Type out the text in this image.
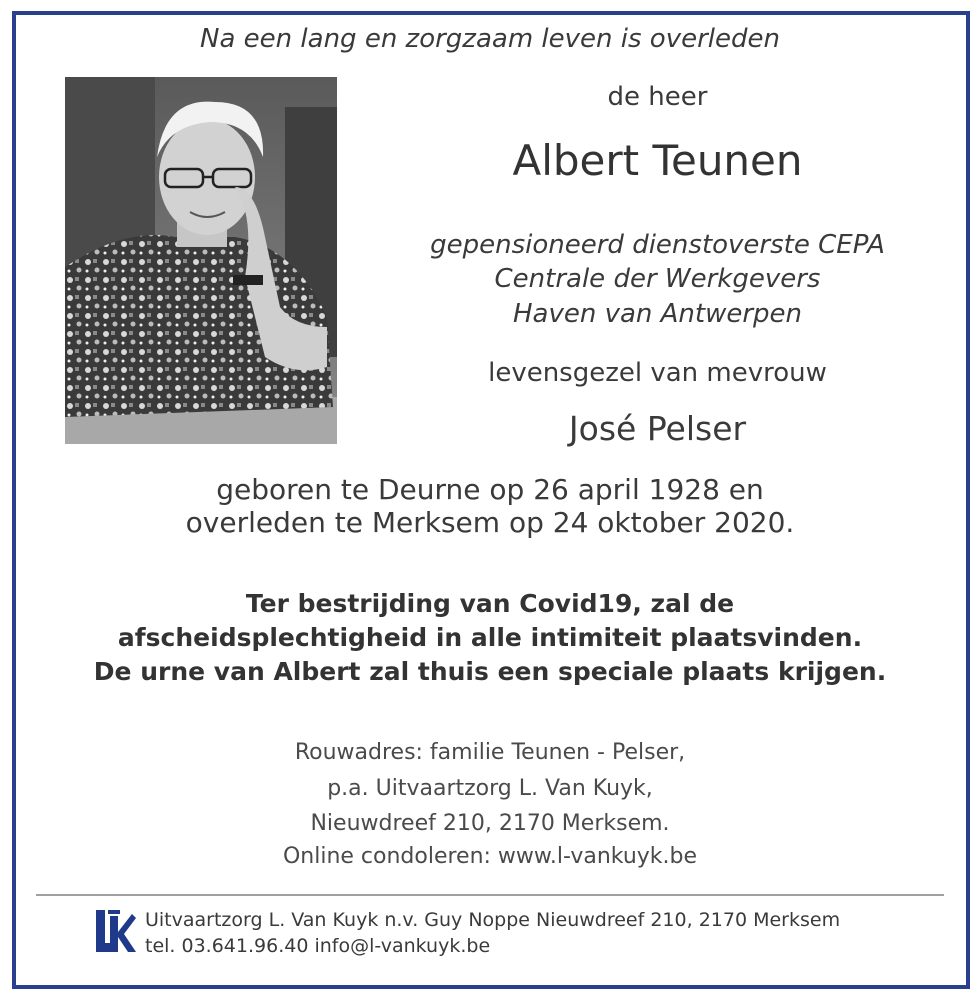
Na een lang en zorgzaam leven is overleden
de heer
Albert Teunen
gepensioneerd dienstoverste CEPA
Centrale der Werkgevers
Haven van Antwerpen
levensgezel van mevrouw
José Pelser
geboren te Deurne op 26 april 1928 en
overleden te Merksem op 24 oktober 2020.
Ter bestrijding van Covid19, zal de
afscheidsplechtigheid in alle intimiteit plaatsvinden.
De urne van Albert zal thuis een speciale plaats krijgen.
Rouwadres: familie Teunen - Pelser,
p.a. Uitvaartzorg L. Van Kuyk,
Nieuwdreef 210, 2170 Merksem.
Online condoleren: www.l-vankuyk.be
Uitvaartzorg L. Van Kuyk n.v. Guy Noppe Nieuwdreef 210, 2170 Merksem
tel. 03.641.96.40 info@l-vankuyk.be
